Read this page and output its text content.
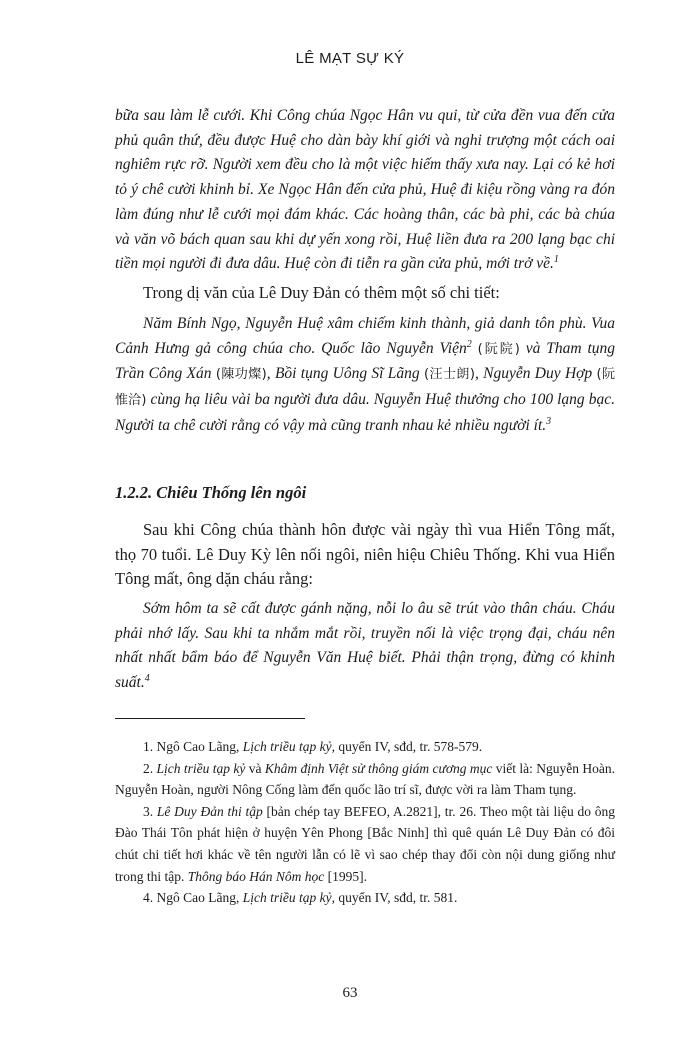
LÊ MẠT SỰ KÝ

bữa sau làm lễ cưới. Khi Công chúa Ngọc Hân vu qui, từ cửa đền vua đến cửa phủ quân thứ, đều được Huệ cho dàn bày khí giới và nghi trượng một cách oai nghiêm rực rỡ. Người xem đều cho là một việc hiếm thấy xưa nay. Lại có kẻ hơi tỏ ý chê cười khinh bỉ. Xe Ngọc Hân đến cửa phủ, Huệ đi kiệu rồng vàng ra đón làm đúng như lễ cưới mọi đám khác. Các hoàng thân, các bà phi, các bà chúa và văn võ bách quan sau khi dự yến xong rồi, Huệ liền đưa ra 200 lạng bạc chi tiền mọi người đi đưa dâu. Huệ còn đi tiễn ra gần cửa phủ, mới trở về.$^1$

Trong dị văn của Lê Duy Đản có thêm một số chi tiết:

Năm Bính Ngọ, Nguyễn Huệ xâm chiếm kinh thành, giả danh tôn phù. Vua Cảnh Hưng gả công chúa cho. Quốc lão Nguyễn Viện$^2$ (阮院) và Tham tụng Trần Công Xán (陳功燦), Bồi tụng Uông Sĩ Lãng (汪士朗), Nguyễn Duy Hợp (阮惟洽) cùng hạ liêu vài ba người đưa dâu. Nguyễn Huệ thưởng cho 100 lạng bạc. Người ta chê cười rằng có vậy mà cũng tranh nhau kẻ nhiều người ít.$^3$

1.2.2. Chiêu Thống lên ngôi

Sau khi Công chúa thành hôn được vài ngày thì vua Hiển Tông mất, thọ 70 tuổi. Lê Duy Kỳ lên nối ngôi, niên hiệu Chiêu Thống. Khi vua Hiển Tông mất, ông dặn cháu rằng:

Sớm hôm ta sẽ cất được gánh nặng, nỗi lo âu sẽ trút vào thân cháu. Cháu phải nhớ lấy. Sau khi ta nhắm mắt rồi, truyền nối là việc trọng đại, cháu nên nhất nhất bẩm báo để Nguyễn Văn Huệ biết. Phải thận trọng, đừng có khinh suất.$^4$

1. Ngô Cao Lãng, Lịch triều tạp kỷ, quyển IV, sđd, tr. 578-579.

2. Lịch triều tạp kỷ và Khâm định Việt sử thông giám cương mục viết là: Nguyễn Hoàn. Nguyễn Hoàn, người Nông Cống làm đến quốc lão trí sĩ, được vời ra làm Tham tụng.

3. Lê Duy Đản thi tập [bản chép tay BEFEO, A.2821], tr. 26. Theo một tài liệu do ông Đào Thái Tôn phát hiện ở huyện Yên Phong [Bắc Ninh] thì quê quán Lê Duy Đản có đôi chút chi tiết hơi khác về tên người lẫn có lẽ vì sao chép thay đổi còn nội dung giống như trong thi tập. Thông báo Hán Nôm học [1995].

4. Ngô Cao Lãng, Lịch triều tạp kỷ, quyển IV, sđd, tr. 581.

63
